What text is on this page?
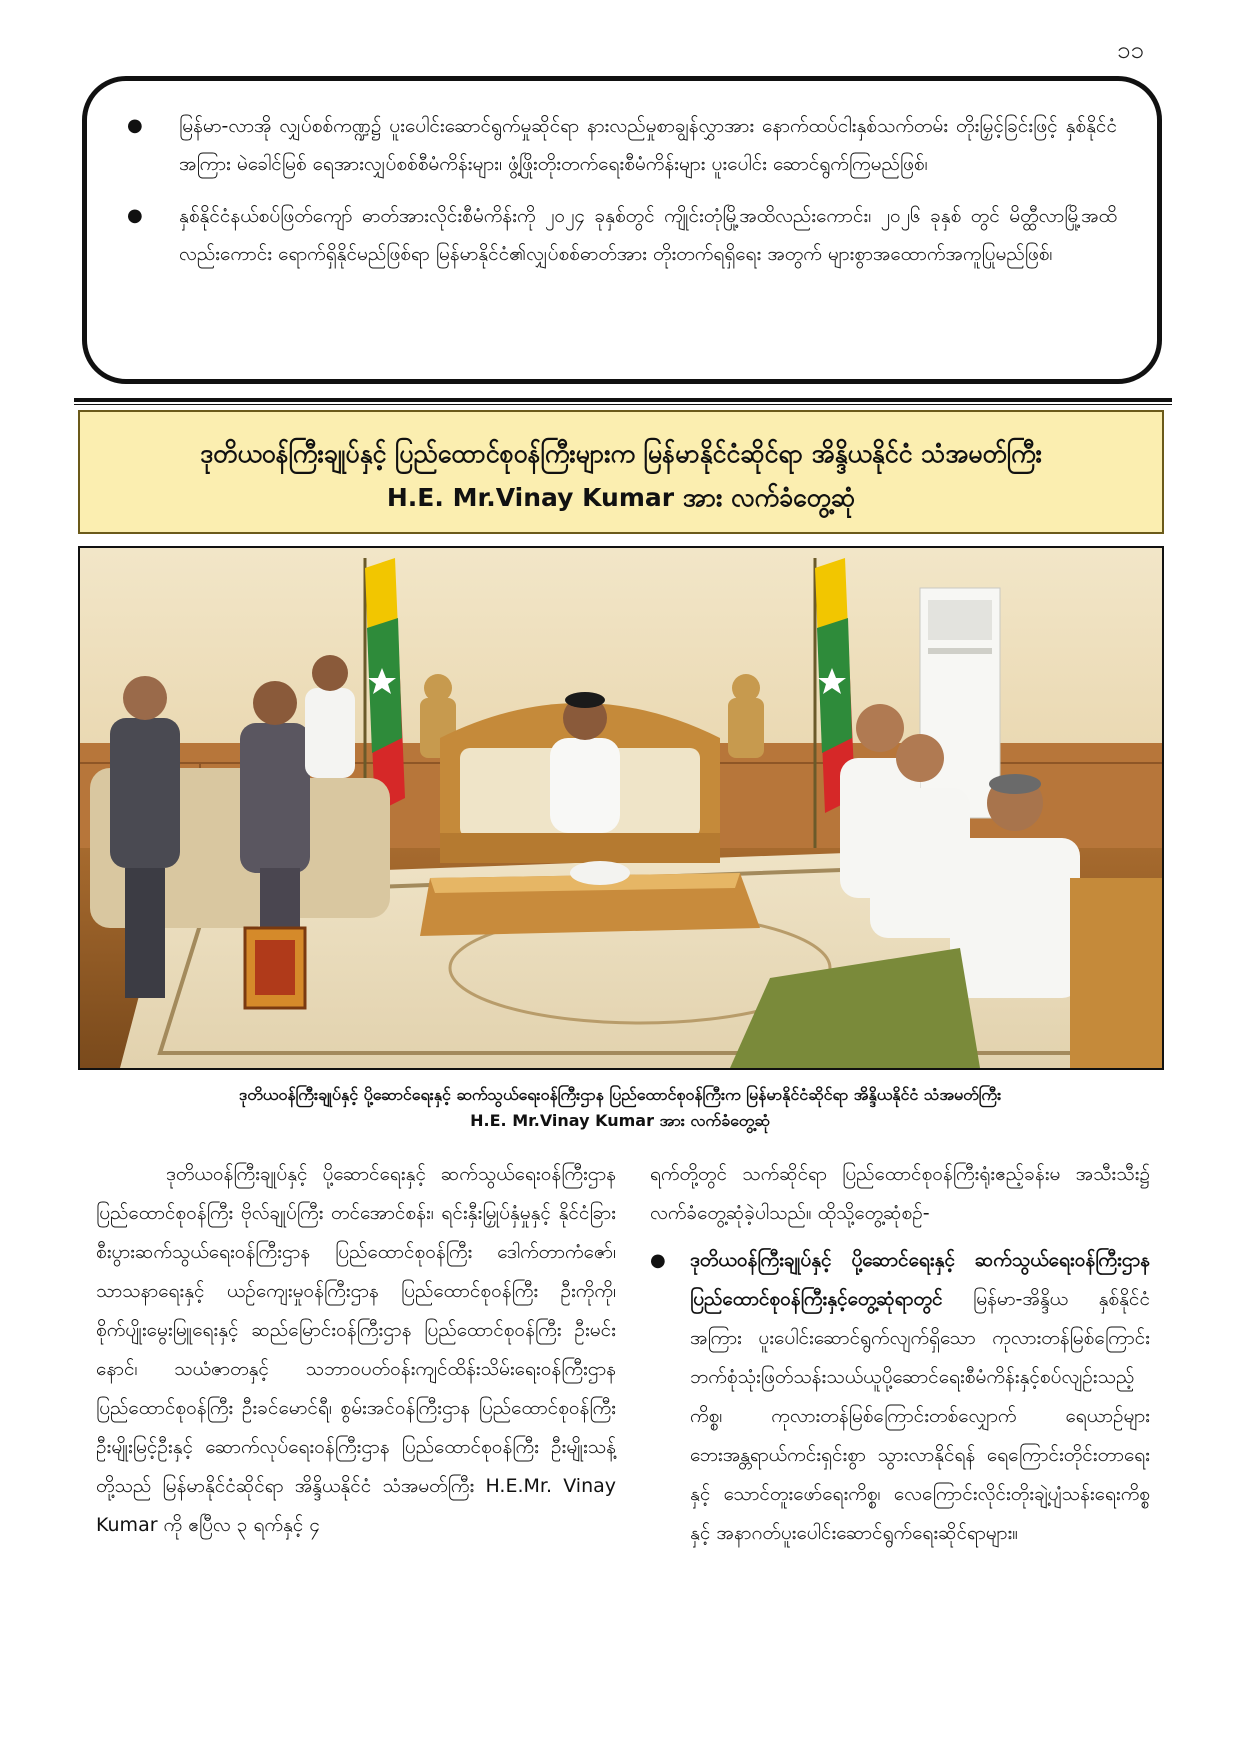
၁၁
● မြန်မာ-လာအို လျှပ်စစ်ကဏ္ဍ၌ ပူးပေါင်းဆောင်ရွက်မှုဆိုင်ရာ နားလည်မှုစာချွန်လွှာအား နောက်ထပ်ငါးနှစ်သက်တမ်း တိုးမြှင့်ခြင်းဖြင့် နှစ်နိုင်ငံအကြား မဲခေါင်မြစ် ရေအားလျှပ်စစ်စီမံကိန်းများ၊ ဖွံ့ဖြိုးတိုးတက်ရေးစီမံကိန်းများ ပူးပေါင်း ဆောင်ရွက်ကြမည်ဖြစ်၊
● နှစ်နိုင်ငံနယ်စပ်ဖြတ်ကျော် ဓာတ်အားလိုင်းစီမံကိန်းကို ၂၀၂၄ ခုနှစ်တွင် ကျိုင်းတုံမြို့အထိလည်းကောင်း၊ ၂၀၂၆ ခုနှစ် တွင် မိတ္ထီလာမြို့အထိလည်းကောင်း ရောက်ရှိနိုင်မည်ဖြစ်ရာ မြန်မာနိုင်ငံ၏လျှပ်စစ်ဓာတ်အား တိုးတက်ရရှိရေး အတွက် များစွာအထောက်အကူပြုမည်ဖြစ်၊
ဒုတိယဝန်ကြီးချုပ်နှင့် ပြည်ထောင်စုဝန်ကြီးများက မြန်မာနိုင်ငံဆိုင်ရာ အိန္ဒိယနိုင်ငံ သံအမတ်ကြီး
H.E. Mr.Vinay Kumar အား လက်ခံတွေ့ဆုံ
ဒုတိယဝန်ကြီးချုပ်နှင့် ပို့ဆောင်ရေးနှင့် ဆက်သွယ်ရေးဝန်ကြီးဌာန ပြည်ထောင်စုဝန်ကြီးက မြန်မာနိုင်ငံဆိုင်ရာ အိန္ဒိယနိုင်ငံ သံအမတ်ကြီး
H.E. Mr.Vinay Kumar အား လက်ခံတွေ့ဆုံ

ဒုတိယဝန်ကြီးချုပ်နှင့် ပို့ဆောင်ရေးနှင့် ဆက်သွယ်ရေးဝန်ကြီးဌာန ပြည်ထောင်စုဝန်ကြီး ဗိုလ်ချုပ်ကြီး တင်အောင်စန်း၊ ရင်းနှီးမြှုပ်နှံမှုနှင့် နိုင်ငံခြားစီးပွားဆက်သွယ်ရေးဝန်ကြီးဌာန ပြည်ထောင်စုဝန်ကြီး ဒေါက်တာကံဇော်၊ သာသနာရေးနှင့် ယဉ်ကျေးမှုဝန်ကြီးဌာန ပြည်ထောင်စုဝန်ကြီး ဦးကိုကို၊ စိုက်ပျိုးမွေးမြူရေးနှင့် ဆည်မြောင်းဝန်ကြီးဌာန ပြည်ထောင်စုဝန်ကြီး ဦးမင်းနောင်၊ သယံဇာတနှင့် သဘာဝပတ်ဝန်းကျင်ထိန်းသိမ်းရေးဝန်ကြီးဌာန ပြည်ထောင်စုဝန်ကြီး ဦးခင်မောင်ရီ၊ စွမ်းအင်ဝန်ကြီးဌာန ပြည်ထောင်စုဝန်ကြီး ဦးမျိုးမြင့်ဦးနှင့် ဆောက်လုပ်ရေးဝန်ကြီးဌာန ပြည်ထောင်စုဝန်ကြီး ဦးမျိုးသန့်တို့သည် မြန်မာနိုင်ငံဆိုင်ရာ အိန္ဒိယနိုင်ငံ သံအမတ်ကြီး H.E.Mr. Vinay Kumar ကို ဧပြီလ ၃ ရက်နှင့် ၄

ရက်တို့တွင် သက်ဆိုင်ရာ ပြည်ထောင်စုဝန်ကြီးရုံးဧည့်ခန်းမ အသီးသီး၌ လက်ခံတွေ့ဆုံခဲ့ပါသည်။ ထိုသို့တွေ့ဆုံစဉ်-

● ဒုတိယဝန်ကြီးချုပ်နှင့် ပို့ဆောင်ရေးနှင့် ဆက်သွယ်ရေးဝန်ကြီးဌာန ပြည်ထောင်စုဝန်ကြီးနှင့်တွေ့ဆုံရာတွင် မြန်မာ-အိန္ဒိယ နှစ်နိုင်ငံအကြား ပူးပေါင်းဆောင်ရွက်လျက်ရှိသော ကုလားတန်မြစ်ကြောင်း ဘက်စုံသုံးဖြတ်သန်းသယ်ယူပို့ဆောင်ရေးစီမံကိန်းနှင့်စပ်လျဉ်းသည့်ကိစ္စ၊ ကုလားတန်မြစ်ကြောင်းတစ်လျှောက် ရေယာဉ်များ ဘေးအန္တရာယ်ကင်းရှင်းစွာ သွားလာနိုင်ရန် ရေကြောင်းတိုင်းတာရေးနှင့် သောင်တူးဖော်ရေးကိစ္စ၊ လေကြောင်းလိုင်းတိုးချဲ့ပျံသန်းရေးကိစ္စနှင့် အနာဂတ်ပူးပေါင်းဆောင်ရွက်ရေးဆိုင်ရာများ။
